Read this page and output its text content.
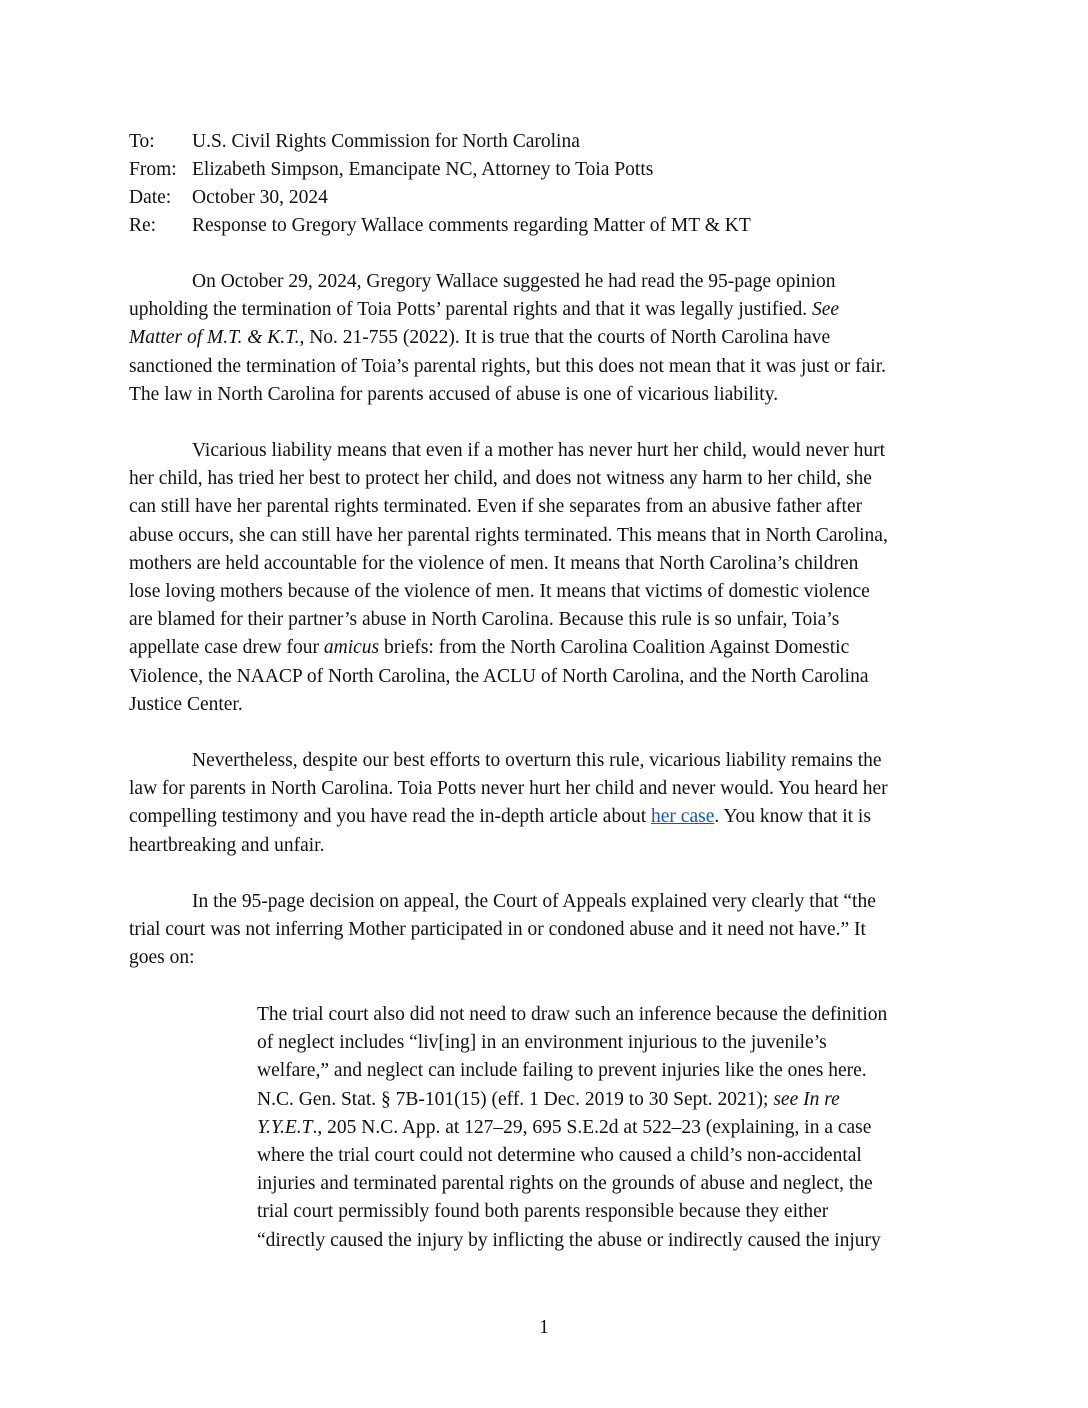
To:	U.S. Civil Rights Commission for North Carolina
From: Elizabeth Simpson, Emancipate NC, Attorney to Toia Potts
Date:	October 30, 2024
Re:	Response to Gregory Wallace comments regarding Matter of MT & KT

On October 29, 2024, Gregory Wallace suggested he had read the 95-page opinion
upholding the termination of Toia Potts’ parental rights and that it was legally justified. See
Matter of M.T. & K.T., No. 21-755 (2022). It is true that the courts of North Carolina have
sanctioned the termination of Toia’s parental rights, but this does not mean that it was just or fair.
The law in North Carolina for parents accused of abuse is one of vicarious liability.

Vicarious liability means that even if a mother has never hurt her child, would never hurt
her child, has tried her best to protect her child, and does not witness any harm to her child, she
can still have her parental rights terminated. Even if she separates from an abusive father after
abuse occurs, she can still have her parental rights terminated. This means that in North Carolina,
mothers are held accountable for the violence of men. It means that North Carolina’s children
lose loving mothers because of the violence of men. It means that victims of domestic violence
are blamed for their partner’s abuse in North Carolina. Because this rule is so unfair, Toia’s
appellate case drew four amicus briefs: from the North Carolina Coalition Against Domestic
Violence, the NAACP of North Carolina, the ACLU of North Carolina, and the North Carolina
Justice Center.

Nevertheless, despite our best efforts to overturn this rule, vicarious liability remains the
law for parents in North Carolina. Toia Potts never hurt her child and never would. You heard her
compelling testimony and you have read the in-depth article about her case. You know that it is
heartbreaking and unfair.

In the 95-page decision on appeal, the Court of Appeals explained very clearly that “the
trial court was not inferring Mother participated in or condoned abuse and it need not have.” It
goes on:

The trial court also did not need to draw such an inference because the definition
of neglect includes “liv[ing] in an environment injurious to the juvenile’s
welfare,” and neglect can include failing to prevent injuries like the ones here.
N.C. Gen. Stat. § 7B-101(15) (eff. 1 Dec. 2019 to 30 Sept. 2021); see In re
Y.Y.E.T., 205 N.C. App. at 127–29, 695 S.E.2d at 522–23 (explaining, in a case
where the trial court could not determine who caused a child’s non-accidental
injuries and terminated parental rights on the grounds of abuse and neglect, the
trial court permissibly found both parents responsible because they either
“directly caused the injury by inflicting the abuse or indirectly caused the injury

1
